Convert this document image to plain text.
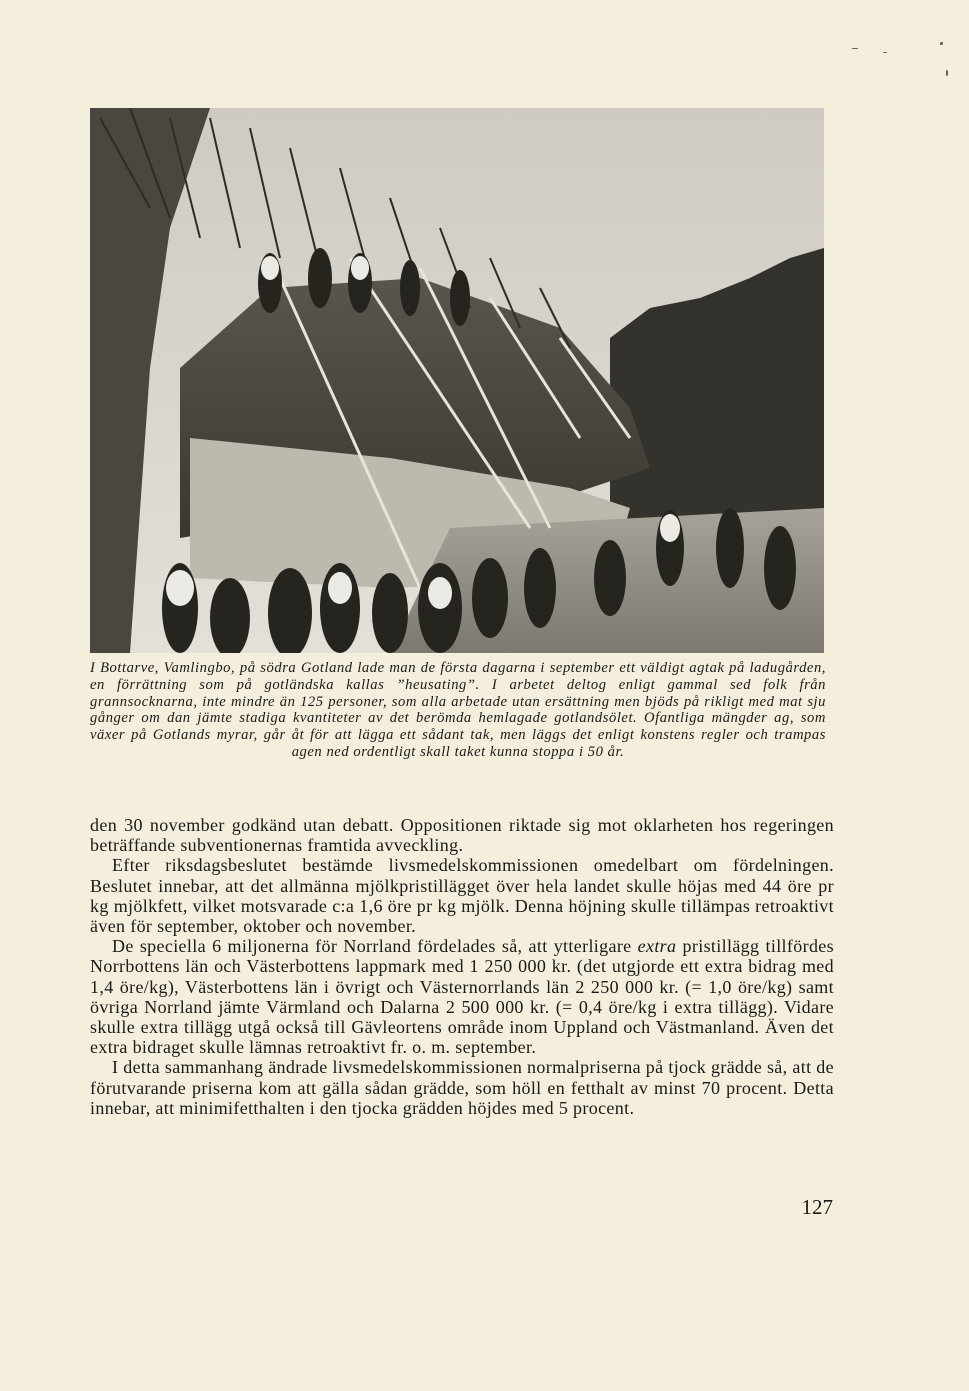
I Bottarve, Vamlingbo, på södra Gotland lade man de första dagarna i september ett väldigt agtak på ladugården, en förrättning som på gotländska kallas ”heusating”. I arbetet deltog enligt gammal sed folk från grannsocknarna, inte mindre än 125 personer, som alla arbetade utan ersättning men bjöds på rikligt med mat sju gånger om dan jämte stadiga kvantiteter av det berömda hemlagade gotlandsölet. Ofantliga mängder ag, som växer på Gotlands myrar, går åt för att lägga ett sådant tak, men läggs det enligt konstens regler och trampas agen ned ordentligt skall taket kunna stoppa i 50 år.

den 30 november godkänd utan debatt. Oppositionen riktade sig mot oklarheten hos regeringen beträffande subventionernas framtida avveckling.

Efter riksdagsbeslutet bestämde livsmedelskommissionen omedelbart om fördelningen. Beslutet innebar, att det allmänna mjölkpristillägget över hela landet skulle höjas med 44 öre pr kg mjölkfett, vilket motsvarade c:a 1,6 öre pr kg mjölk. Denna höjning skulle tillämpas retroaktivt även för september, oktober och november.

De speciella 6 miljonerna för Norrland fördelades så, att ytterligare extra pristillägg tillfördes Norrbottens län och Västerbottens lappmark med 1 250 000 kr. (det utgjorde ett extra bidrag med 1,4 öre/kg), Västerbottens län i övrigt och Västernorrlands län 2 250 000 kr. (= 1,0 öre/kg) samt övriga Norrland jämte Värmland och Dalarna 2 500 000 kr. (= 0,4 öre/kg i extra tillägg). Vidare skulle extra tillägg utgå också till Gävleortens område inom Uppland och Västmanland. Även det extra bidraget skulle lämnas retroaktivt fr. o. m. september.

I detta sammanhang ändrade livsmedelskommissionen normalpriserna på tjock grädde så, att de förutvarande priserna kom att gälla sådan grädde, som höll en fetthalt av minst 70 procent. Detta innebar, att minimifetthalten i den tjocka grädden höjdes med 5 procent.

127
